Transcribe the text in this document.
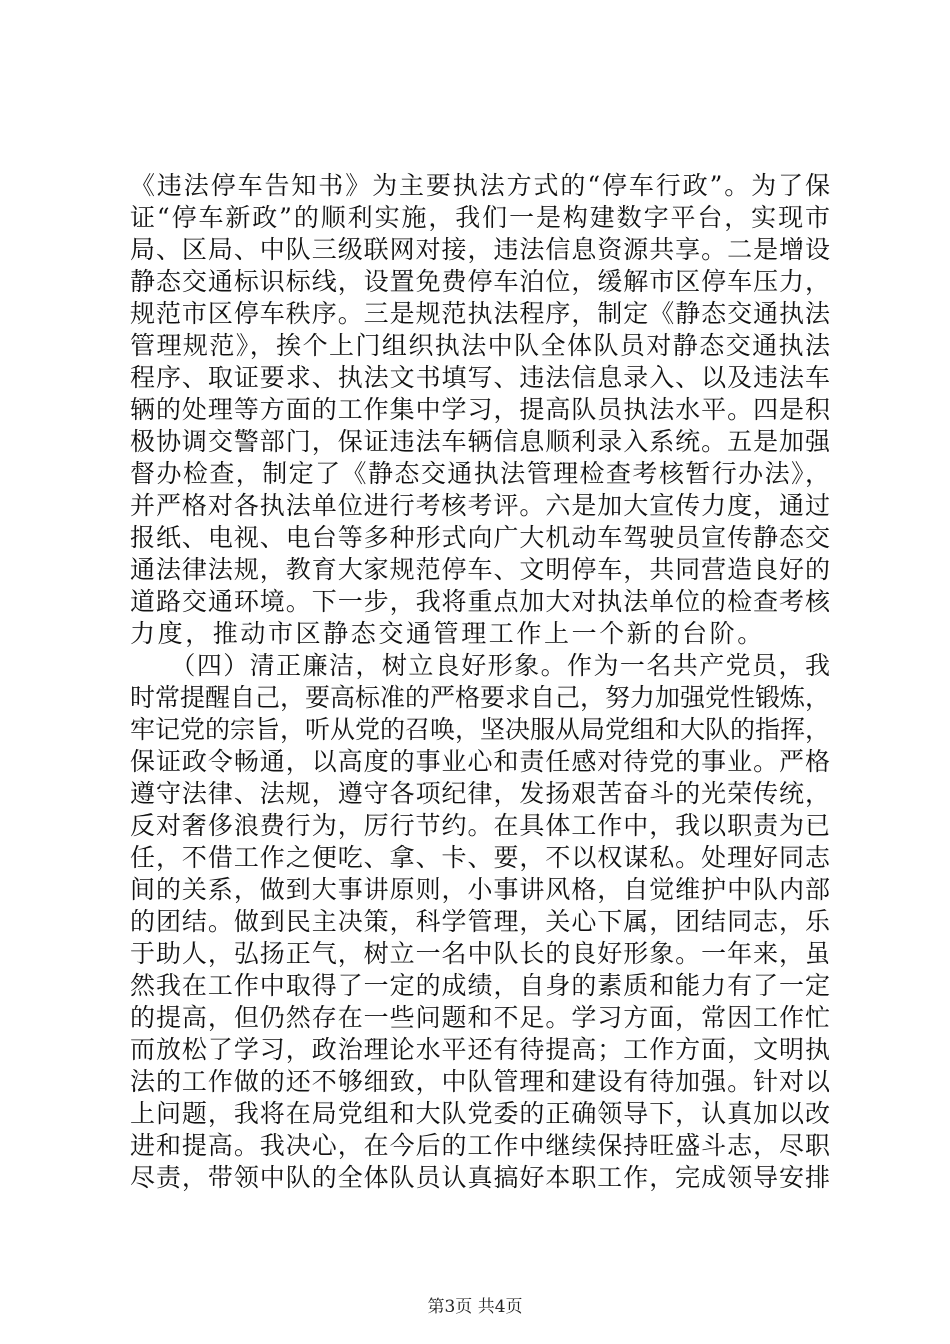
《违法停车告知书》为主要执法方式的“停车行政”。为了保
证“停车新政”的顺利实施，我们一是构建数字平台，实现市
局、区局、中队三级联网对接，违法信息资源共享。二是增设
静态交通标识标线，设置免费停车泊位，缓解市区停车压力，
规范市区停车秩序。三是规范执法程序，制定《静态交通执法
管理规范》，挨个上门组织执法中队全体队员对静态交通执法
程序、取证要求、执法文书填写、违法信息录入、以及违法车
辆的处理等方面的工作集中学习，提高队员执法水平。四是积
极协调交警部门，保证违法车辆信息顺利录入系统。五是加强
督办检查，制定了《静态交通执法管理检查考核暂行办法》，
并严格对各执法单位进行考核考评。六是加大宣传力度，通过
报纸、电视、电台等多种形式向广大机动车驾驶员宣传静态交
通法律法规，教育大家规范停车、文明停车，共同营造良好的
道路交通环境。下一步，我将重点加大对执法单位的检查考核
力度，推动市区静态交通管理工作上一个新的台阶。
　　（四）清正廉洁，树立良好形象。作为一名共产党员，我
时常提醒自己，要高标准的严格要求自己，努力加强党性锻炼，
牢记党的宗旨，听从党的召唤，坚决服从局党组和大队的指挥，
保证政令畅通，以高度的事业心和责任感对待党的事业。严格
遵守法律、法规，遵守各项纪律，发扬艰苦奋斗的光荣传统，
反对奢侈浪费行为，厉行节约。在具体工作中，我以职责为已
任，不借工作之便吃、拿、卡、要，不以权谋私。处理好同志
间的关系，做到大事讲原则，小事讲风格，自觉维护中队内部
的团结。做到民主决策，科学管理，关心下属，团结同志，乐
于助人，弘扬正气，树立一名中队长的良好形象。一年来，虽
然我在工作中取得了一定的成绩，自身的素质和能力有了一定
的提高，但仍然存在一些问题和不足。学习方面，常因工作忙
而放松了学习，政治理论水平还有待提高；工作方面，文明执
法的工作做的还不够细致，中队管理和建设有待加强。针对以
上问题，我将在局党组和大队党委的正确领导下，认真加以改
进和提高。我决心，在今后的工作中继续保持旺盛斗志，尽职
尽责，带领中队的全体队员认真搞好本职工作，完成领导安排
第3页 共4页
